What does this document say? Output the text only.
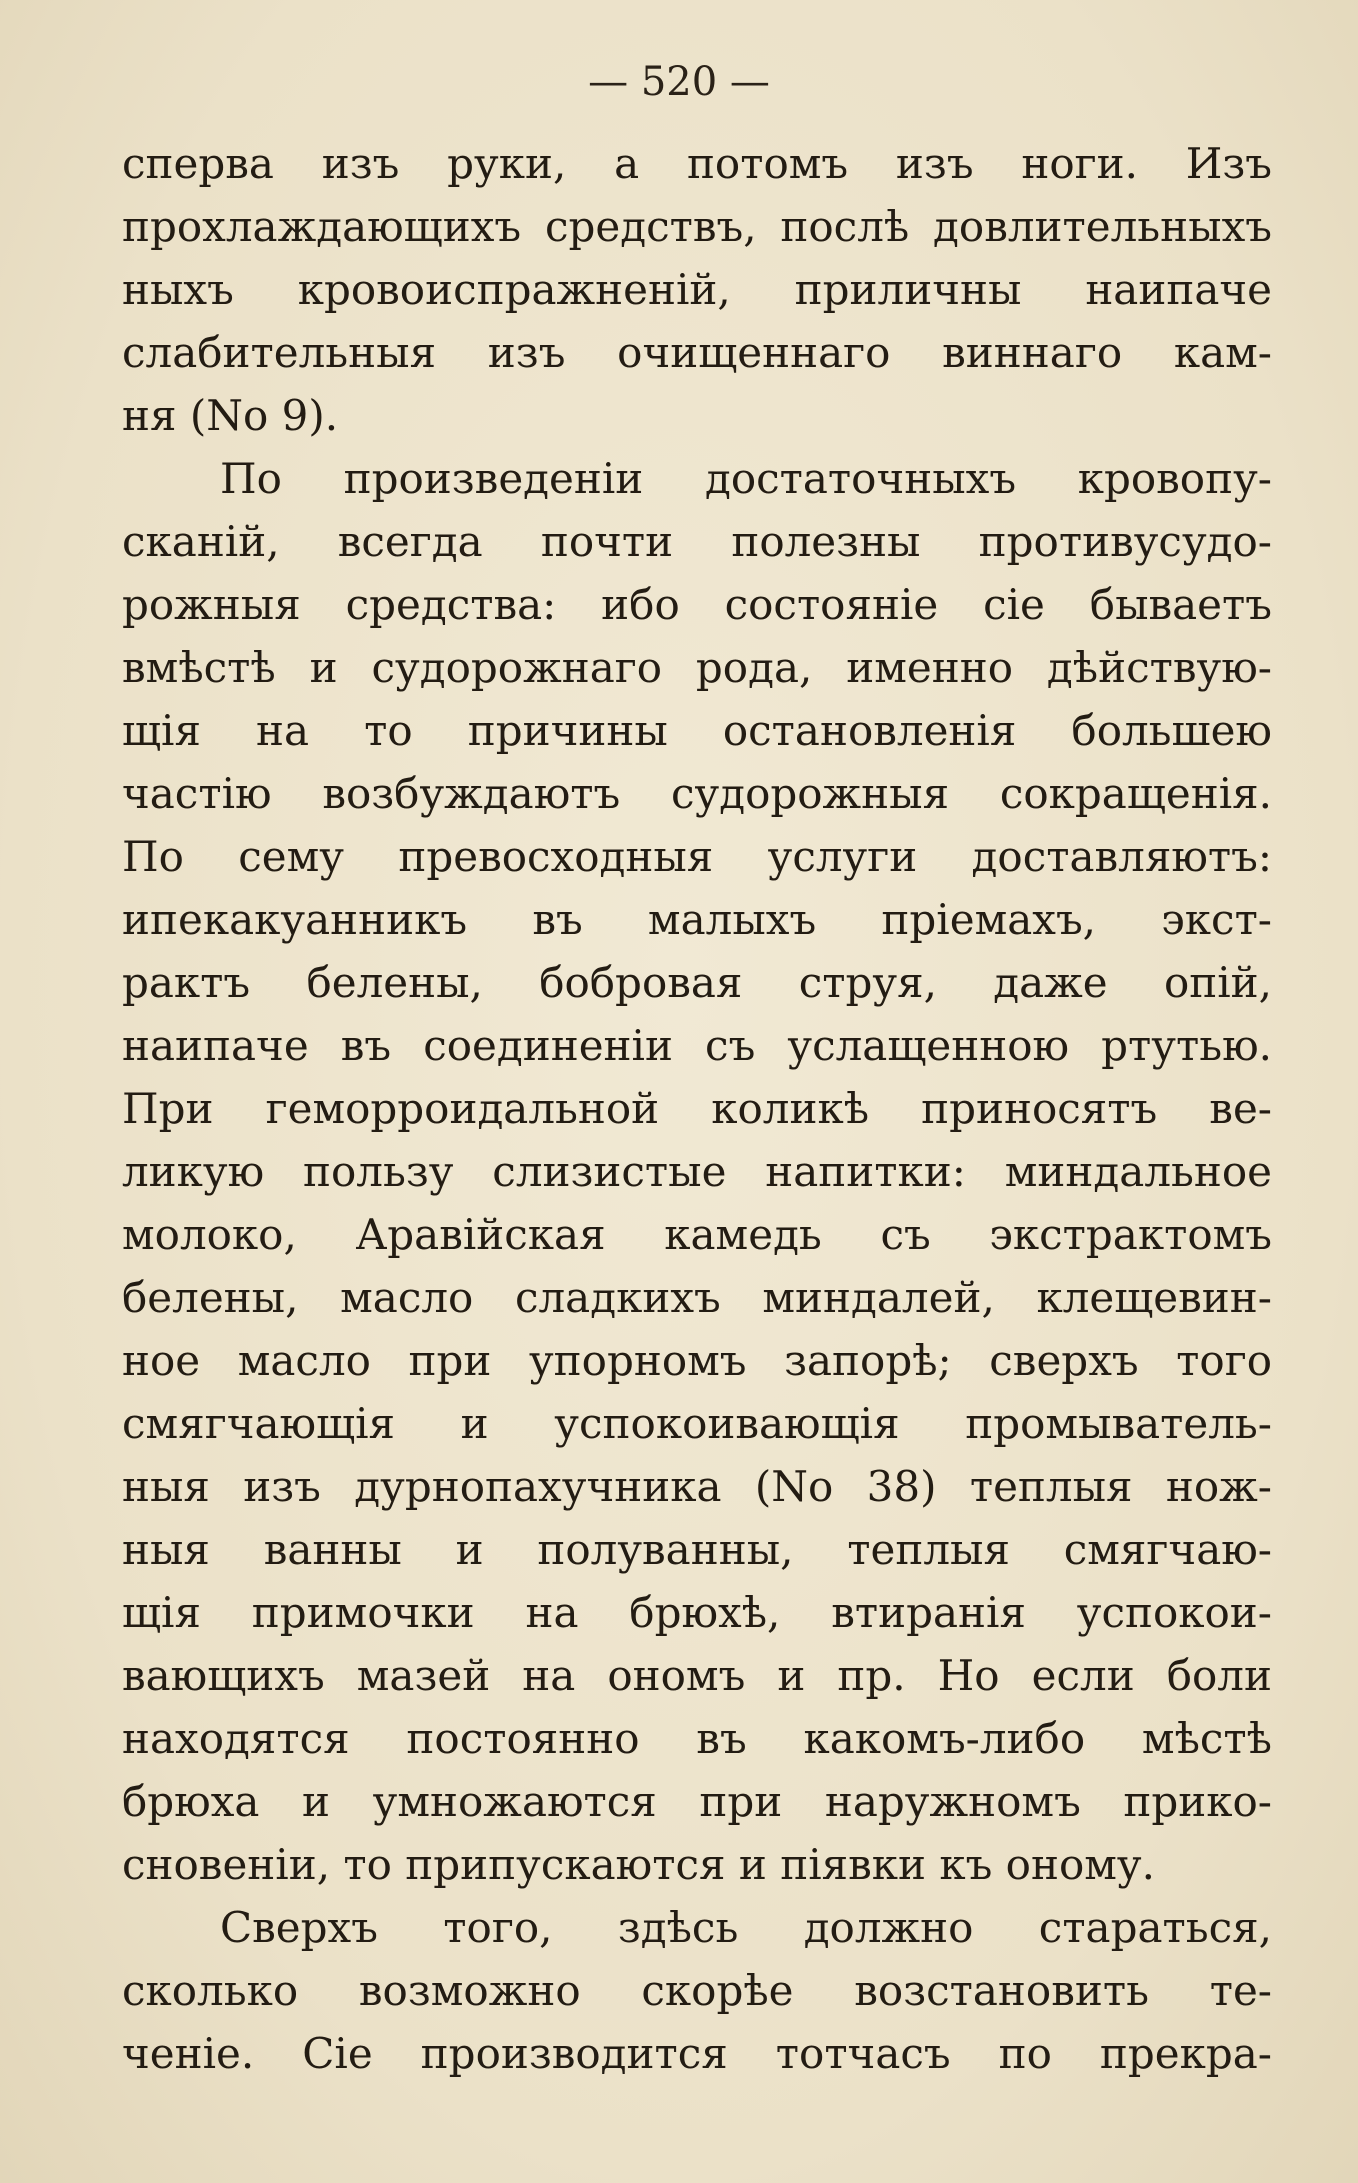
— 520 —
сперва изъ руки, а потомъ изъ ноги. Изъ
прохлаждающихъ средствъ, послѣ довлительныхъ
ныхъ кровоиспражненій, приличны наипаче
слабительныя изъ очищеннаго виннаго кам-
ня (No 9).
По произведеніи достаточныхъ кровопу-
сканій, всегда почти полезны противусудо-
рожныя средства: ибо состояніе сіе бываетъ
вмѣстѣ и судорожнаго рода, именно дѣйствую-
щія на то причины остановленія большею
частію возбуждаютъ судорожныя сокращенія.
По сему превосходныя услуги доставляютъ:
ипекакуанникъ въ малыхъ пріемахъ, экст-
рактъ белены, бобровая струя, даже опій,
наипаче въ соединеніи съ услащенною ртутью.
При геморроидальной коликѣ приносятъ ве-
ликую пользу слизистые напитки: миндальное
молоко, Аравійская камедь съ экстрактомъ
белены, масло сладкихъ миндалей, клещевин-
ное масло при упорномъ запорѣ; сверхъ того
смягчающія и успокоивающія промыватель-
ныя изъ дурнопахучника (No 38) теплыя нож-
ныя ванны и полуванны, теплыя смягчаю-
щія примочки на брюхѣ, втиранія успокои-
вающихъ мазей на ономъ и пр. Но если боли
находятся постоянно въ какомъ-либо мѣстѣ
брюха и умножаются при наружномъ прико-
сновеніи, то припускаются и піявки къ оному.
Сверхъ того, здѣсь должно стараться,
сколько возможно скорѣе возстановить те-
ченіе. Сіе производится тотчасъ по прекра-
